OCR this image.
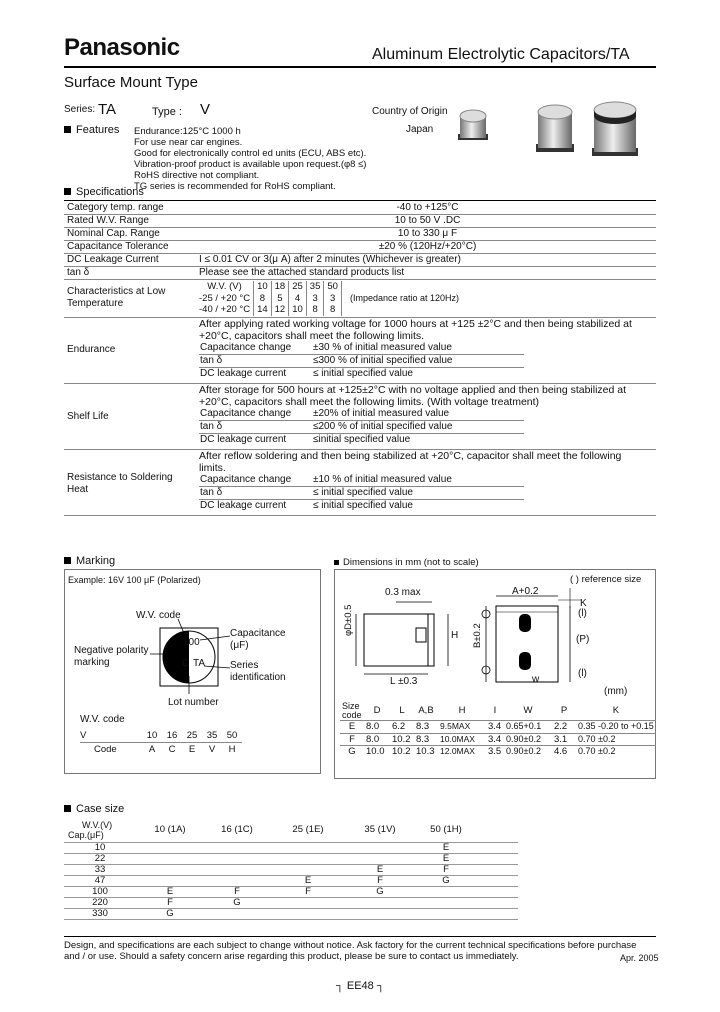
Panasonic	Aluminum Electrolytic Capacitors/TA
Surface Mount Type
Series: TA	Type : V	Country of Origin
Japan
Features Endurance:125°C 1000 h
For use near car engines.
Good for electronically control ed units (ECU, ABS etc).
Vibration-proof product is available upon request.(φ8 ≤)
RoHS directive not compliant.
TG series is recommended for RoHS compliant.
Specifications
Category temp. range	-40 to +125°C
Rated W.V. Range	10 to 50 V .DC
Nominal Cap. Range	10 to 330 μ F
Capacitance Tolerance	±20 % (120Hz/+20°C)
DC Leakage Current	I ≤ 0.01 CV or 3(μ A) after 2 minutes (Whichever is greater)
tan δ	Please see the attached standard products list
Characteristics at Low Temperature	
W.V. (V)	10	18	25	35	50
-25 / +20 °C	8	5	4	3	3
-40 / +20 °C	14	12	10	8	8
(Impedance ratio at 120Hz)

Endurance	
After applying rated working voltage for 1000 hours at +125 ±2°C and then being stabilized at +20°C, capacitors shall meet the following limits.
Capacitance change	±30 % of initial measured value
tan δ	≤300 % of initial specified value
DC leakage current	≤ initial specified value

Shelf Life	
After storage for 500 hours at +125±2°C with no voltage applied and then being stabilized at +20°C, capacitors shall meet the following limits. (With voltage treatment)
Capacitance change	±20% of initial measured value
tan δ	≤200 % of initial specified value
DC leakage current	≤initial specified value

Resistance to Soldering Heat	
After reflow soldering and then being stabilized at +20°C, capacitor shall meet the following limits.
Capacitance change	±10 % of initial measured value
tan δ	≤ initial specified value
DC leakage current	≤ initial specified value
Marking
Example: 16V 100 μF (Polarized)
W.V. code
Negative polarity marking
Capacitance (μF)
Series identification
100
C TA
Lot number
W.V. code
V	10	16	25	35	50
Code	A	C	E	V	H
Dimensions in mm (not to scale)
( ) reference size
0.3 max
φD±0.5
L ±0.3
H
A+0.2
B±0.2
K
(P)
(l)
(l)
w
(mm)
Size code	D	L	A,B	H	I	W	P	K
E	8.0	6.2	8.3	9.5MAX	3.4	0.65+0.1	2.2	0.35 -0.20 to +0.15
F	8.0	10.2	8.3	10.0MAX	3.4	0.90±0.2	3.1	0.70 ±0.2
G	10.0	10.2	10.3	12.0MAX	3.5	0.90±0.2	4.6	0.70 ±0.2
Case size
W.V.(V)
Cap.(μF)	10 (1A)	16 (1C)	25 (1E)	35 (1V)	50 (1H)	
10					E	
22					E	
33				E	F	
47			E	F	G	
100	E	F	F	G		
220	F	G				
330	G					
Design, and specifications are each subject to change without notice. Ask factory for the current technical specifications before purchase
and / or use. Should a safety concern arise regarding this product, please be sure to contact us immediately.	Apr. 2005
┐ EE48 ┐
